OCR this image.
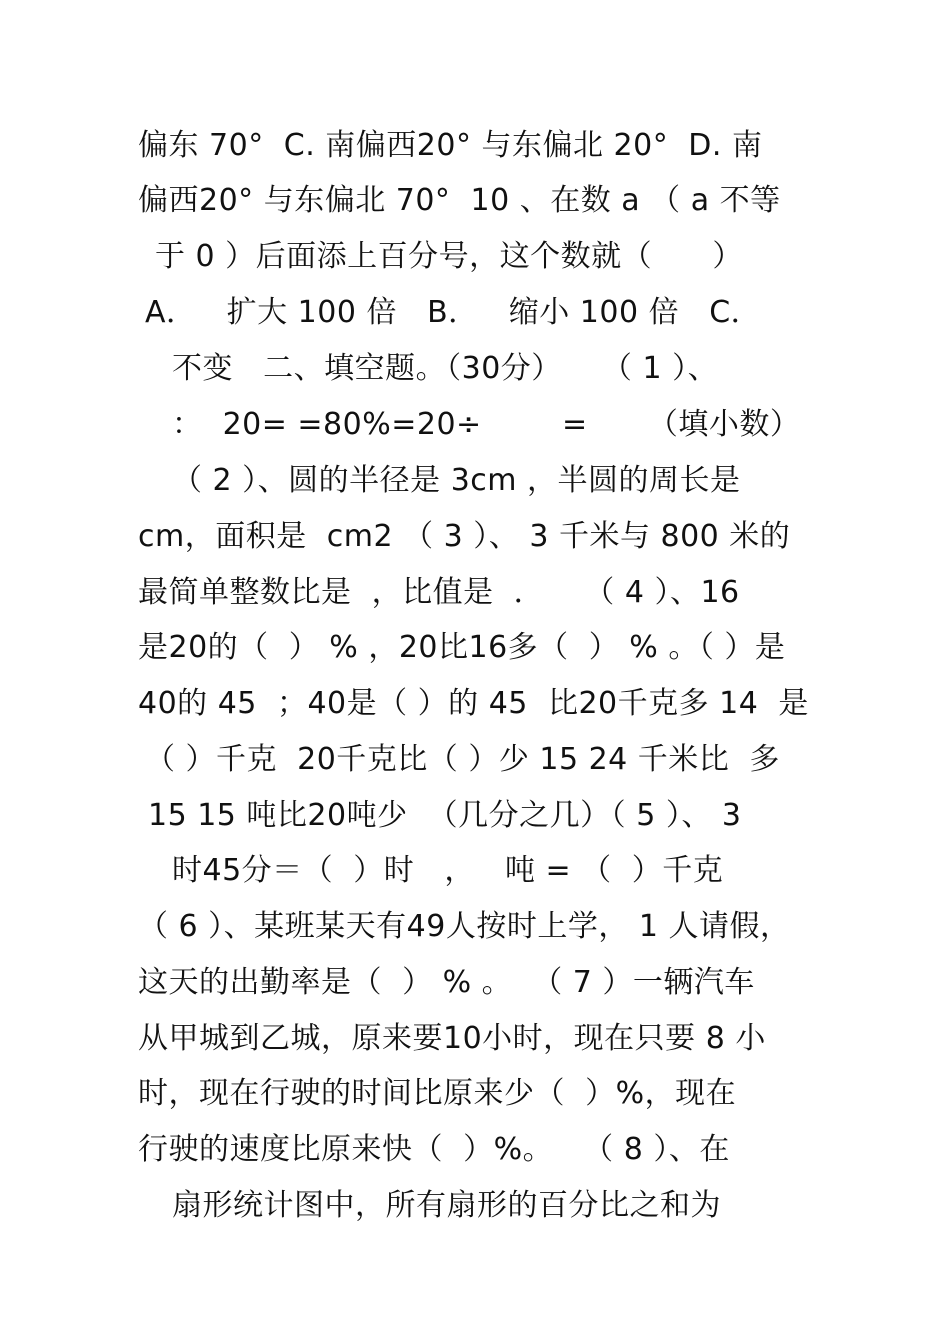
偏东 70°  C. 南偏西20° 与东偏北 20°  D. 南
偏西20° 与东偏北 70°  10 、在数 a （ a 不等
于 0 ）后面添上百分号，这个数就（      ）
A．   扩大 100 倍   B．   缩小 100 倍   C．
不变   二、填空题。（30分）    （ 1 ）、
：  20= =80%=20÷        =      （填小数）
（ 2 ）、圆的半径是 3cm ，半圆的周长是
cm，面积是  cm2 （ 3 ）、 3 千米与 800 米的
最简单整数比是  ，比值是  ．    （ 4 ）、16
是20的（  ） % ，20比16多（  ） % 。（ ）是
40的 45  ；40是（ ）的 45  比20千克多 14  是
（ ）千克  20千克比（ ）少 15 24 千米比  多
15 15 吨比20吨少  （几分之几）（ 5 ）、 3
时45分＝（  ）时   ，   吨 = （  ）千克
（ 6 ）、某班某天有49人按时上学， 1 人请假，
这天的出勤率是（  ） % 。  （ 7 ）一辆汽车
从甲城到乙城，原来要10小时，现在只要 8 小
时，现在行驶的时间比原来少（  ）%，现在
行驶的速度比原来快（  ）%。   （ 8 ）、在
扇形统计图中，所有扇形的百分比之和为
